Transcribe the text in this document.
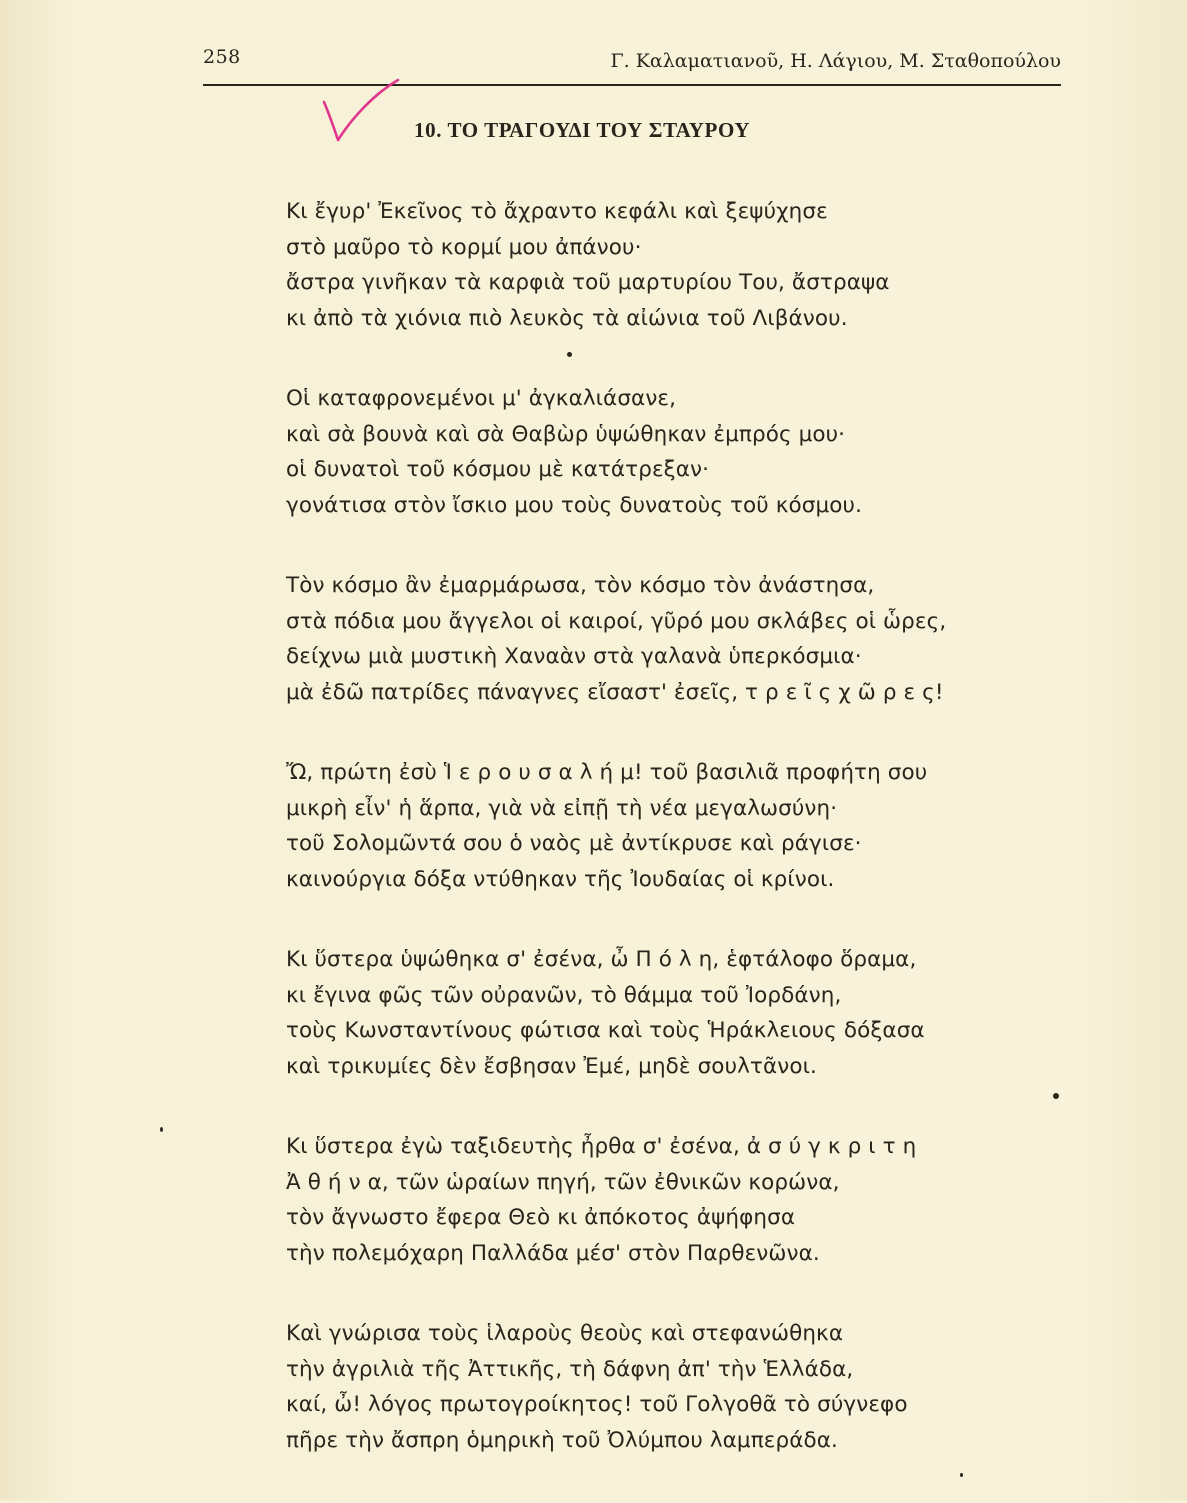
258	Γ. Καλαματιανοῦ, Η. Λάγιου, Μ. Σταθοπούλου
10. ΤΟ ΤΡΑΓΟΥΔΙ ΤΟΥ ΣΤΑΥΡΟΥ
Κι ἔγυρ' Ἐκεῖνος τὸ ἄχραντο κεφάλι καὶ ξεψύχησε
στὸ μαῦρο τὸ κορμί μου ἀπάνου·
ἄστρα γινῆκαν τὰ καρφιὰ τοῦ μαρτυρίου Του, ἄστραψα
κι ἀπὸ τὰ χιόνια πιὸ λευκὸς τὰ αἰώνια τοῦ Λιβάνου.
Οἱ καταφρονεμένοι μ' ἀγκαλιάσανε,
καὶ σὰ βουνὰ καὶ σὰ Θαβὼρ ὑψώθηκαν ἐμπρός μου·
οἱ δυνατοὶ τοῦ κόσμου μὲ κατάτρεξαν·
γονάτισα στὸν ἴσκιο μου τοὺς δυνατοὺς τοῦ κόσμου.
Τὸν κόσμο ἂν ἐμαρμάρωσα, τὸν κόσμο τὸν ἀνάστησα,
στὰ πόδια μου ἄγγελοι οἱ καιροί, γῦρό μου σκλάβες οἱ ὧρες,
δείχνω μιὰ μυστικὴ Χαναὰν στὰ γαλανὰ ὑπερκόσμια·
μὰ ἐδῶ πατρίδες πάναγνες εἴσαστ' ἐσεῖς, τ ρ ε ῖ ς χ ῶ ρ ε ς!
Ὤ, πρώτη ἐσὺ Ἱ ε ρ ο υ σ α λ ή μ! τοῦ βασιλιᾶ προφήτη σου
μικρὴ εἶν' ἡ ἅρπα, γιὰ νὰ εἰπῇ τὴ νέα μεγαλωσύνη·
τοῦ Σολομῶντά σου ὁ ναὸς μὲ ἀντίκρυσε καὶ ράγισε·
καινούργια δόξα ντύθηκαν τῆς Ἰουδαίας οἱ κρίνοι.
Κι ὕστερα ὑψώθηκα σ' ἐσένα, ὦ Π ό λ η, ἑφτάλοφο ὅραμα,
κι ἔγινα φῶς τῶν οὐρανῶν, τὸ θάμμα τοῦ Ἰορδάνη,
τοὺς Κωνσταντίνους φώτισα καὶ τοὺς Ἡράκλειους δόξασα
καὶ τρικυμίες δὲν ἔσβησαν Ἐμέ, μηδὲ σουλτᾶνοι.
Κι ὕστερα ἐγὼ ταξιδευτὴς ἦρθα σ' ἐσένα, ἀ σ ύ γ κ ρ ι τ η
Ἀ θ ή ν α, τῶν ὡραίων πηγή, τῶν ἐθνικῶν κορώνα,
τὸν ἄγνωστο ἔφερα Θεὸ κι ἀπόκοτος ἀψήφησα
τὴν πολεμόχαρη Παλλάδα μέσ' στὸν Παρθενῶνα.
Καὶ γνώρισα τοὺς ἱλαροὺς θεοὺς καὶ στεφανώθηκα
τὴν ἀγριλιὰ τῆς Ἀττικῆς, τὴ δάφνη ἀπ' τὴν Ἑλλάδα,
καί, ὦ! λόγος πρωτογροίκητος! τοῦ Γολγοθᾶ τὸ σύγνεφο
πῆρε τὴν ἄσπρη ὁμηρικὴ τοῦ Ὀλύμπου λαμπεράδα.
